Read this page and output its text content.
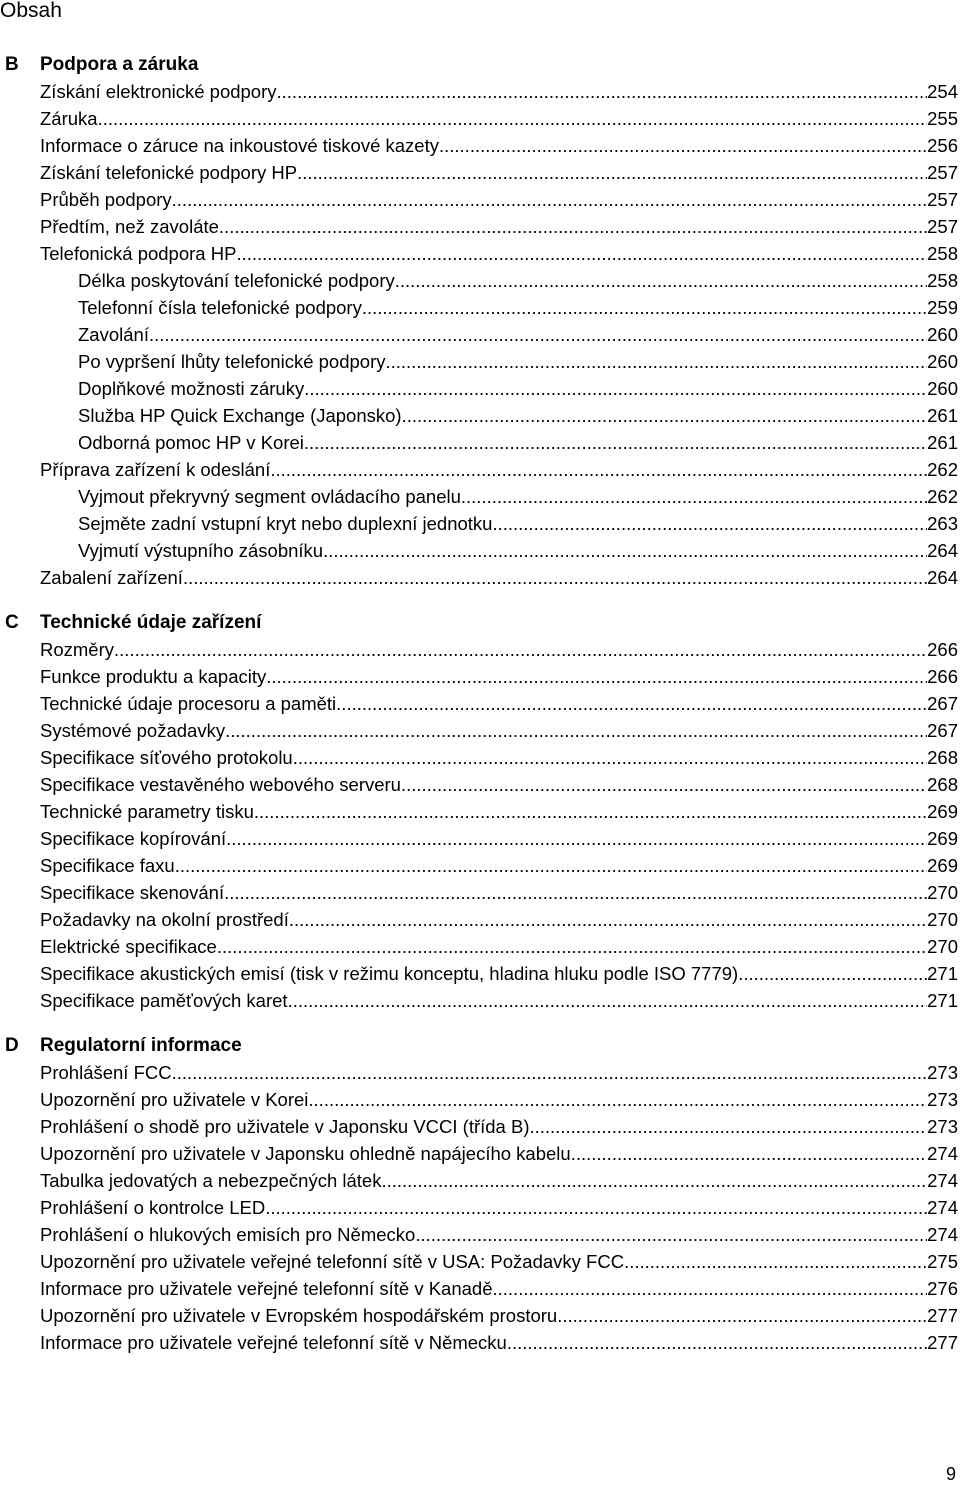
Obsah
B Podpora a záruka
Získání elektronické podpory .....	254
Záruka .....	255
Informace o záruce na inkoustové tiskové kazety .....	256
Získání telefonické podpory HP .....	257
Průběh podpory .....	257
Předtím, než zavoláte .....	257
Telefonická podpora HP .....	258
Délka poskytování telefonické podpory .....	258
Telefonní čísla telefonické podpory .....	259
Zavolání .....	260
Po vypršení lhůty telefonické podpory .....	260
Doplňkové možnosti záruky .....	260
Služba HP Quick Exchange (Japonsko) .....	261
Odborná pomoc HP v Korei .....	261
Příprava zařízení k odeslání .....	262
Vyjmout překryvný segment ovládacího panelu .....	262
Sejměte zadní vstupní kryt nebo duplexní jednotku .....	263
Vyjmutí výstupního zásobníku .....	264
Zabalení zařízení .....	264
C Technické údaje zařízení
Rozměry .....	266
Funkce produktu a kapacity .....	266
Technické údaje procesoru a paměti .....	267
Systémové požadavky .....	267
Specifikace síťového protokolu .....	268
Specifikace vestavěného webového serveru .....	268
Technické parametry tisku .....	269
Specifikace kopírování .....	269
Specifikace faxu .....	269
Specifikace skenování .....	270
Požadavky na okolní prostředí .....	270
Elektrické specifikace .....	270
Specifikace akustických emisí (tisk v režimu konceptu, hladina hluku podle ISO 7779) .....	271
Specifikace paměťových karet .....	271
D Regulatorní informace
Prohlášení FCC .....	273
Upozornění pro uživatele v Korei .....	273
Prohlášení o shodě pro uživatele v Japonsku VCCI (třída B) .....	273
Upozornění pro uživatele v Japonsku ohledně napájecího kabelu .....	274
Tabulka jedovatých a nebezpečných látek .....	274
Prohlášení o kontrolce LED .....	274
Prohlášení o hlukových emisích pro Německo .....	274
Upozornění pro uživatele veřejné telefonní sítě v USA: Požadavky FCC .....	275
Informace pro uživatele veřejné telefonní sítě v Kanadě .....	276
Upozornění pro uživatele v Evropském hospodářském prostoru .....	277
Informace pro uživatele veřejné telefonní sítě v Německu .....	277
9
